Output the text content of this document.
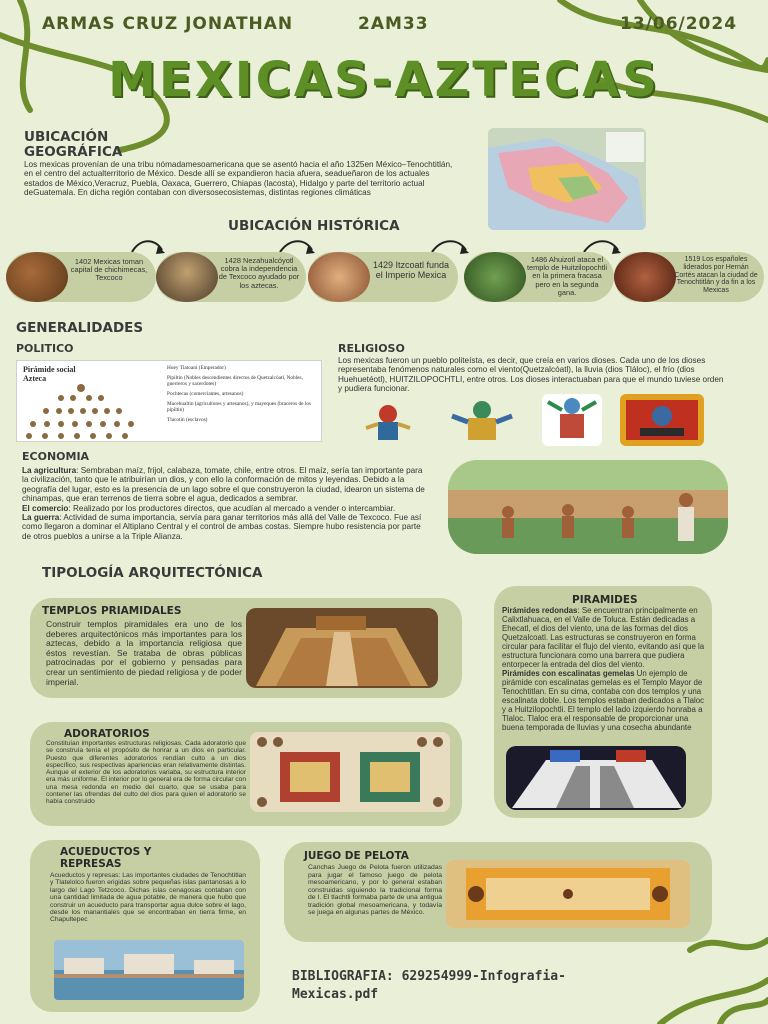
ARMAS CRUZ JONATHAN	2AM33	13/06/2024
MEXICAS-AZTECAS
UBICACIÓN
GEOGRÁFICA
Los mexicas provenían de una tribu nómadamesoamericana que se asentó hacia el año 1325en México–Tenochtitlán, en el centro del actualterritorio de México. Desde allí se expandieron hacia afuera, seadueñaron de los actuales estados de México,Veracruz, Puebla, Oaxaca, Guerrero, Chiapas (lacosta), Hidalgo y parte del territorio actual deGuatemala. En dicha región contaban con diversosecosistemas, distintas regiones climáticas
UBICACIÓN HISTÓRICA
1402 Mexicas toman capital de chichimecas, Texcoco
1428 Nezahualcóyotl cobra la independencia de Texcoco ayudado por los aztecas.
1429 Itzcoatl funda el Imperio Mexica
1486 Ahuizotl ataca el templo de Huitzilopochtli en la primera fracasa pero en la segunda gana.
1519 Los españoles liderados por Hernán Cortés atacan la ciudad de Tenochtitlán y da fin a los Mexicas
GENERALIDADES
POLITICO	RELIGIOSO
Pirámide social Azteca
Huey Tlatoani (Emperador)
Pipiltin (Nobles descendientes directos de Quetzalcóatl, Nobles, guerreros y sacerdotes)
Pochtecas (comerciantes, artesanos)
Macehualtin (agricultores y artesanos), y mayeques (braceros de los pipiltin)
Tlacotin (esclavos)
Los mexicas fueron un pueblo politeísta, es decir, que creía en varios dioses. Cada uno de los dioses representaba fenómenos naturales como el viento(Quetzalcóatl), la lluvia (dios Tláloc), el frío (dios Huehuetéotl), HUITZILOPOCHTLI, entre otros. Los dioses interactuaban para que el mundo tuviese orden y pudiera funcionar.
ECONOMIA
La agricultura: Sembraban maíz, frijol, calabaza, tomate, chile, entre otros. El maíz, sería tan importante para la civilización, tanto que le atribuirían un dios, y con ello la conformación de mitos y leyendas. Debido a la geografía del lugar, esto es la presencia de un lago sobre el que construyeron la ciudad, idearon un sistema de chinampas, que eran terrenos de tierra sobre el agua, dedicados a sembrar.
El comercio: Realizado por los productores directos, que acudían al mercado a vender o intercambiar.
La guerra: Actividad de suma importancia, servía para ganar territorios más allá del Valle de Texcoco. Fue así como llegaron a dominar el Altiplano Central y el control de ambas costas. Siempre hubo resistencia por parte de otros pueblos a unirse a la Triple Alianza.
TIPOLOGÍA ARQUITECTÓNICA
TEMPLOS PRIAMIDALES
Construir templos piramidales era uno de los deberes arquitectónicos más importantes para los aztecas, debido a la importancia religiosa que éstos revestían. Se trataba de obras públicas patrocinadas por el gobierno y pensadas para crear un sentimiento de piedad religiosa y de poder imperial.
PIRAMIDES
Pirámides redondas: Se encuentran principalmente en Calixtlahuaca, en el Valle de Toluca. Están dedicadas a Ehecatl, el dios del viento, una de las formas del dios Quetzalcoatl. Las estructuras se construyeron en forma circular para facilitar el flujo del viento, evitando así que la estructura funcionara como una barrera que pudiera entorpecer la entrada del dios del viento.
Pirámides con escalinatas gemelas Un ejemplo de pirámide con escalinatas gemelas es el Templo Mayor de Tenochtitlan. En su cima, contaba con dos templos y una escalinata doble. Los templos estaban dedicados a Tlaloc y a Huitzilopochtli. El templo del lado izquierdo honraba a Tlaloc. Tlaloc era el responsable de proporcionar una buena temporada de lluvias y una cosecha abundante
ADORATORIOS
Constituían importantes estructuras religiosas. Cada adoratorio que se construía tenía el propósito de honrar a un dios en particular. Puesto que diferentes adoratorios rendían culto a un dios específico, sus respectivas apariencias eran relativamente distintas. Aunque el exterior de los adoratorios variaba, su estructura interior era más uniforme. El interior por lo general era de forma circular con una mesa redonda en medio del cuarto, que se usaba para contener las ofrendas del culto del dios para quien el adoratorio se había construido
ACUEDUCTOS Y
REPRESAS
Acueductos y represas: Las importantes ciudades de Tenochtitlan y Tlatelolco fueron erigidas sobre pequeñas islas pantanosas a lo largo del Lago Tetzcoco. Dichas islas cenagosas contaban con una cantidad limitada de agua potable, de manera que hubo que construir un acueducto para transportar agua dulce sobre el lago, desde los manantiales que se encontraban en tierra firme, en Chapultepec
JUEGO DE PELOTA
Canchas Juego de Pelota fueron utilizadas para jugar el famoso juego de pelota mesoamericano, y por lo general estaban construidas siguiendo la tradicional forma de I. El tlachtli formaba parte de una antigua tradición global mesoamericana, y todavía se juega en algunas partes de México.
BIBLIOGRAFIA: 629254999-Infografia-
Mexicas.pdf
